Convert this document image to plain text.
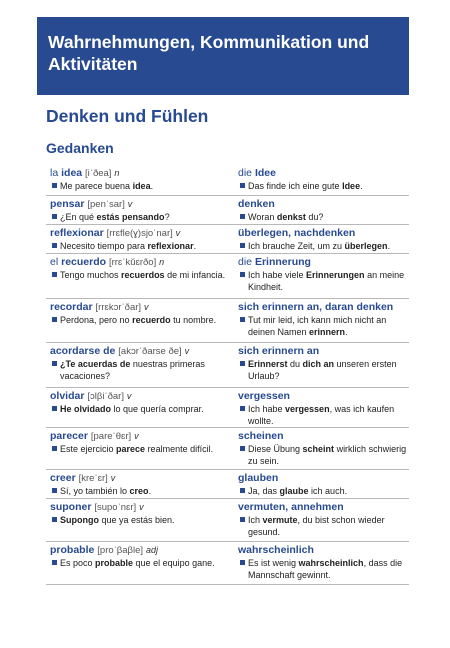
Wahrnehmungen, Kommunikation und Aktivitäten
Denken und Fühlen
Gedanken
la idea [iˈðea] n
Me parece buena idea.
die Idee
Das finde ich eine gute Idee.
pensar [penˈsar] v
¿En qué estás pensando?
denken
Woran denkst du?
reflexionar [rrɛfle(ɣ)sjoˈnar] v
Necesito tiempo para reflexionar.
überlegen, nachdenken
Ich brauche Zeit, um zu überlegen.
el recuerdo [rrɛˈkŭɛrðo] n
Tengo muchos recuerdos de mi infancia.
die Erinnerung
Ich habe viele Erinnerungen an meine Kindheit.
recordar [rrɛkɔrˈðar] v
Perdona, pero no recuerdo tu nombre.
sich erinnern an, daran denken
Tut mir leid, ich kann mich nicht an deinen Namen erinnern.
acordarse de [akɔrˈðarse ðe] v
¿Te acuerdas de nuestras primeras vacaciones?
sich erinnern an
Erinnerst du dich an unseren ersten Urlaub?
olvidar [ɔlβiˈðar] v
He olvidado lo que quería comprar.
vergessen
Ich habe vergessen, was ich kaufen wollte.
parecer [pareˈθɛr] v
Este ejercicio parece realmente difícil.
scheinen
Diese Übung scheint wirklich schwierig zu sein.
creer [kreˈɛr] v
Sí, yo también lo creo.
glauben
Ja, das glaube ich auch.
suponer [supoˈnɛr] v
Supongo que ya estás bien.
vermuten, annehmen
Ich vermute, du bist schon wieder gesund.
probable [proˈβaβle] adj
Es poco probable que el equipo gane.
wahrscheinlich
Es ist wenig wahrscheinlich, dass die Mannschaft gewinnt.
